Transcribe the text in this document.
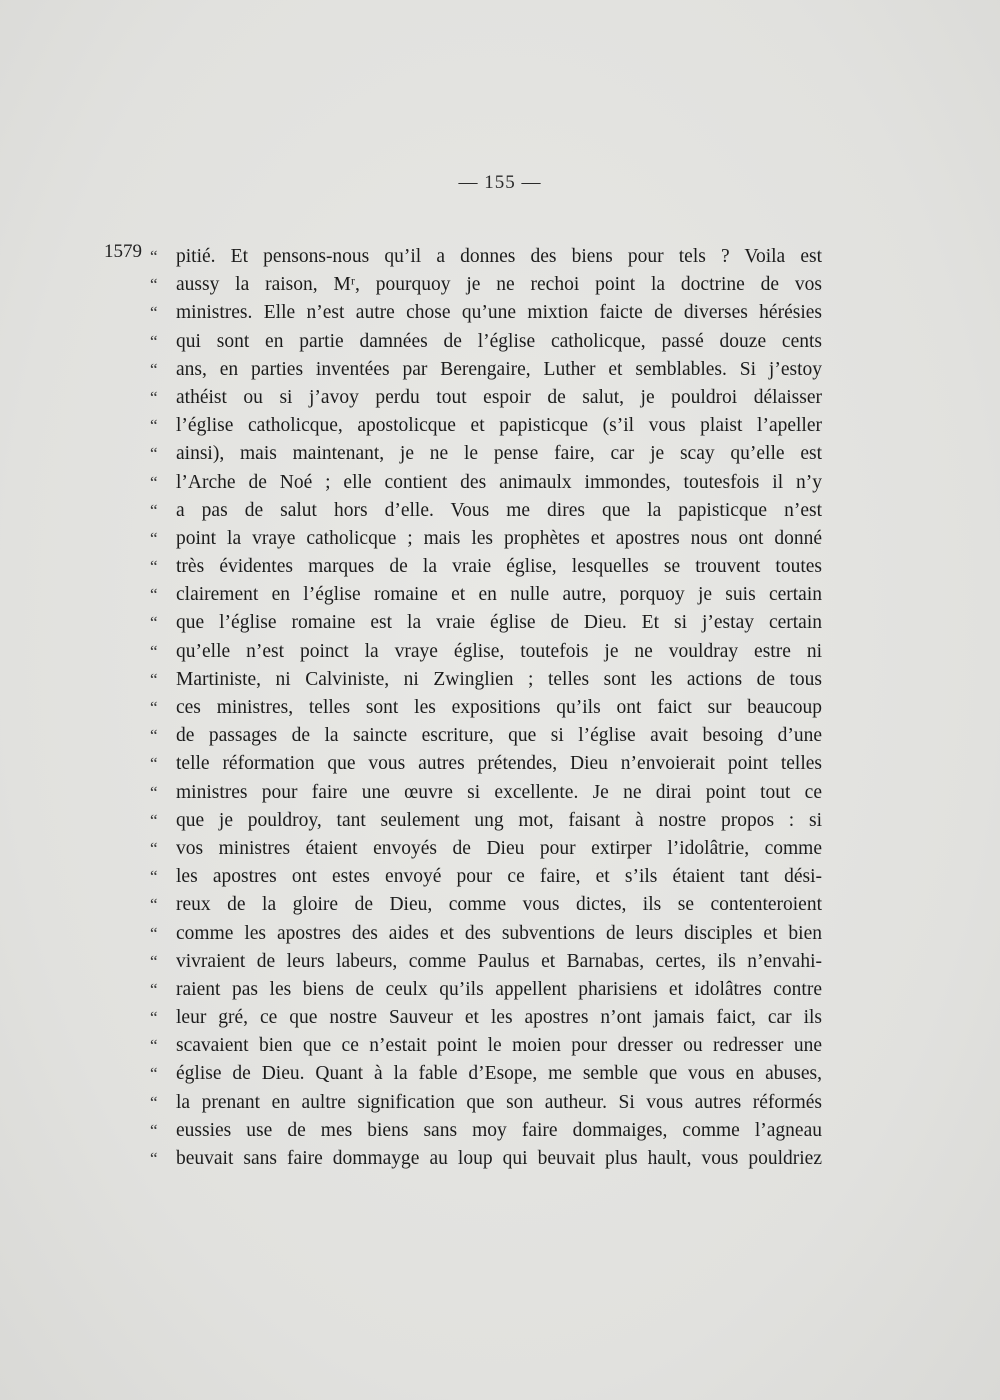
— 155 —
1579 “ pitié. Et pensons-nous qu’il a donnes des biens pour tels ? Voila est
“ aussy la raison, Mʳ, pourquoy je ne rechoi point la doctrine de vos
“ ministres. Elle n’est autre chose qu’une mixtion faicte de diverses hérésies
“ qui sont en partie damnées de l’église catholicque, passé douze cents
“ ans, en parties inventées par Berengaire, Luther et semblables. Si j’estoy
“ athéist ou si j’avoy perdu tout espoir de salut, je pouldroi délaisser
“ l’église catholicque, apostolicque et papisticque (s’il vous plaist l’apeller
“ ainsi), mais maintenant, je ne le pense faire, car je scay qu’elle est
“ l’Arche de Noé ; elle contient des animaulx immondes, toutesfois il n’y
“ a pas de salut hors d’elle. Vous me dires que la papisticque n’est
“ point la vraye catholicque ; mais les prophètes et apostres nous ont donné
“ très évidentes marques de la vraie église, lesquelles se trouvent toutes
“ clairement en l’église romaine et en nulle autre, porquoy je suis certain
“ que l’église romaine est la vraie église de Dieu. Et si j’estay certain
“ qu’elle n’est poinct la vraye église, toutefois je ne vouldray estre ni
“ Martiniste, ni Calviniste, ni Zwinglien ; telles sont les actions de tous
“ ces ministres, telles sont les expositions qu’ils ont faict sur beaucoup
“ de passages de la saincte escriture, que si l’église avait besoing d’une
“ telle réformation que vous autres prétendes, Dieu n’envoierait point telles
“ ministres pour faire une œuvre si excellente. Je ne dirai point tout ce
“ que je pouldroy, tant seulement ung mot, faisant à nostre propos : si
“ vos ministres étaient envoyés de Dieu pour extirper l’idolâtrie, comme
“ les apostres ont estes envoyé pour ce faire, et s’ils étaient tant dési-
“ reux de la gloire de Dieu, comme vous dictes, ils se contenteroient
“ comme les apostres des aides et des subventions de leurs disciples et bien
“ vivraient de leurs labeurs, comme Paulus et Barnabas, certes, ils n’envahi-
“ raient pas les biens de ceulx qu’ils appellent pharisiens et idolâtres contre
“ leur gré, ce que nostre Sauveur et les apostres n’ont jamais faict, car ils
“ scavaient bien que ce n’estait point le moien pour dresser ou redresser une
“ église de Dieu. Quant à la fable d’Esope, me semble que vous en abuses,
“ la prenant en aultre signification que son autheur. Si vous autres réformés
“ eussies use de mes biens sans moy faire dommaiges, comme l’agneau
“ beuvait sans faire dommayge au loup qui beuvait plus hault, vous pouldriez
